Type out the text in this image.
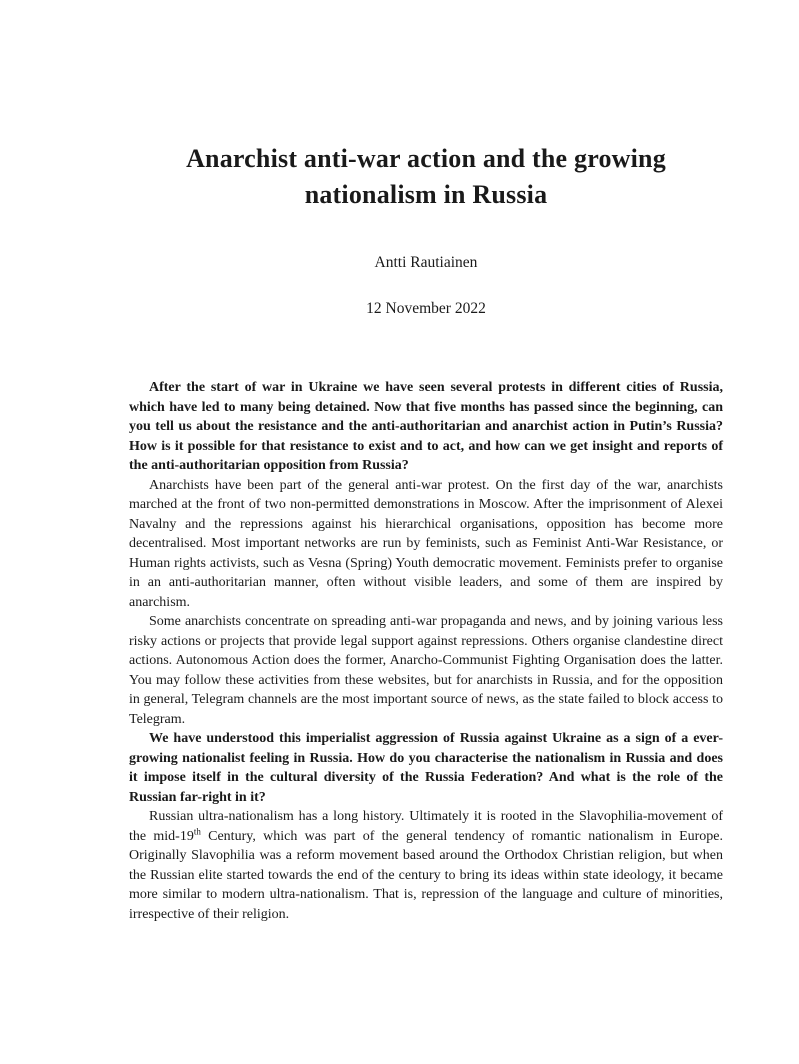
Anarchist anti-war action and the growing
nationalism in Russia
Antti Rautiainen
12 November 2022

After the start of war in Ukraine we have seen several protests in different cities of Russia, which have led to many being detained. Now that five months has passed since the beginning, can you tell us about the resistance and the anti-authoritarian and anarchist action in Putin’s Russia? How is it possible for that resistance to exist and to act, and how can we get insight and reports of the anti-authoritarian opposition from Russia?

Anarchists have been part of the general anti-war protest. On the first day of the war, anarchists marched at the front of two non-permitted demonstrations in Moscow. After the imprisonment of Alexei Navalny and the repressions against his hierarchical organisations, opposition has become more decentralised. Most important networks are run by feminists, such as Feminist Anti-War Resistance, or Human rights activists, such as Vesna (Spring) Youth democratic movement. Feminists prefer to organise in an anti-authoritarian manner, often without visible leaders, and some of them are inspired by anarchism.

Some anarchists concentrate on spreading anti-war propaganda and news, and by joining various less risky actions or projects that provide legal support against repressions. Others organise clandestine direct actions. Autonomous Action does the former, Anarcho-Communist Fighting Organisation does the latter. You may follow these activities from these websites, but for anarchists in Russia, and for the opposition in general, Telegram channels are the most important source of news, as the state failed to block access to Telegram.

We have understood this imperialist aggression of Russia against Ukraine as a sign of a ever-growing nationalist feeling in Russia. How do you characterise the nationalism in Russia and does it impose itself in the cultural diversity of the Russia Federation? And what is the role of the Russian far-right in it?

Russian ultra-nationalism has a long history. Ultimately it is rooted in the Slavophilia-movement of the mid-19th Century, which was part of the general tendency of romantic nationalism in Europe. Originally Slavophilia was a reform movement based around the Orthodox Christian religion, but when the Russian elite started towards the end of the century to bring its ideas within state ideology, it became more similar to modern ultra-nationalism. That is, repression of the language and culture of minorities, irrespective of their religion.
